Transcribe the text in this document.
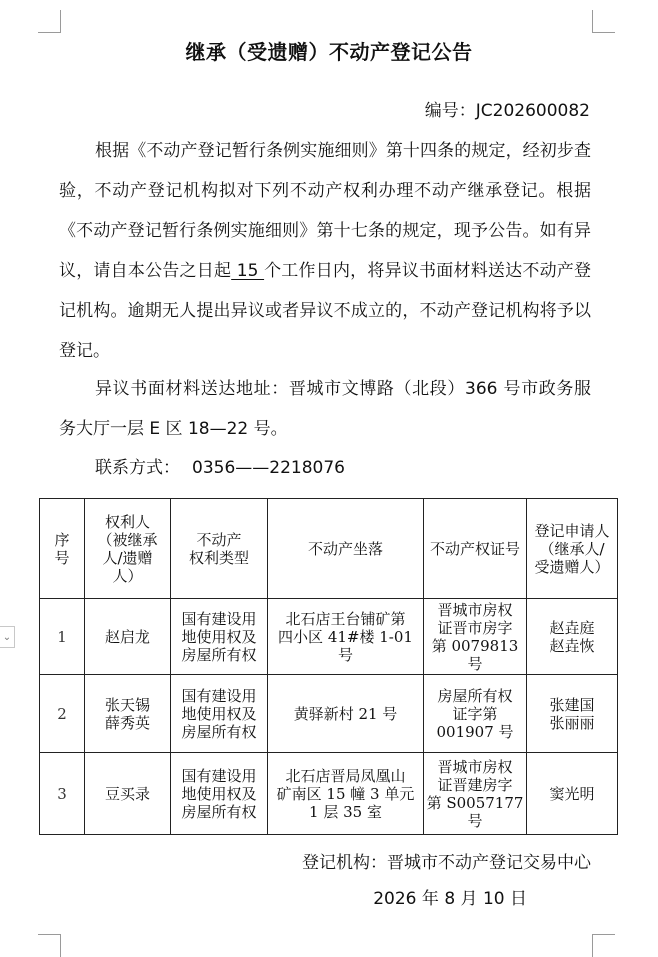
⌄
继承（受遗赠）不动产登记公告
编号：JC202600082
根据《不动产登记暂行条例实施细则》第十四条的规定，经初步查验，不动产登记机构拟对下列不动产权利办理不动产继承登记。根据《不动产登记暂行条例实施细则》第十七条的规定，现予公告。如有异议，请自本公告之日起 15 个工作日内，将异议书面材料送达不动产登记机构。逾期无人提出异议或者异议不成立的，不动产登记机构将予以登记。
异议书面材料送达地址：晋城市文博路（北段）366 号市政务服务大厅一层 E 区 18—22 号。
联系方式： 0356——2218076
序
号	权利人
（被继承
人/遗赠
人）	不动产
权利类型	不动产坐落	不动产权证号	登记申请人
（继承人/
受遗赠人）

1	赵启龙	国有建设用
地使用权及
房屋所有权	北石店王台铺矿第
四小区 41#楼 1-01
号	晋城市房权
证晋市房字
第 0079813
号	赵垚庭
赵垚恢

2	张天锡
薛秀英	国有建设用
地使用权及
房屋所有权	黄驿新村 21 号	房屋所有权
证字第
001907 号	张建国
张丽丽

3	豆买录	国有建设用
地使用权及
房屋所有权	北石店晋局凤凰山
矿南区 15 幢 3 单元
1 层 35 室	晋城市房权
证晋建房字
第 S0057177
号	窦光明
登记机构：晋城市不动产登记交易中心
2026 年 8 月 10 日
